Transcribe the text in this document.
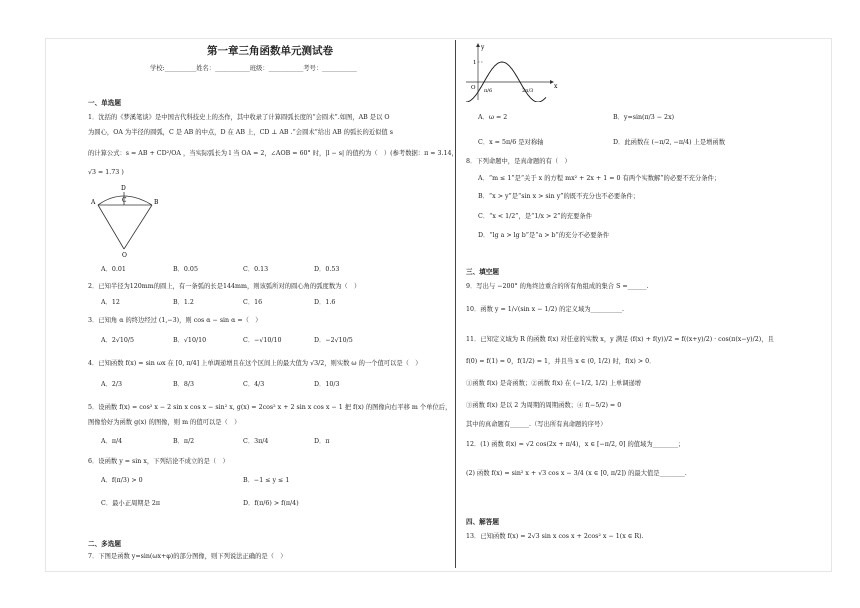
第一章三角函数单元测试卷
学校:__________姓名：___________班级：___________考号：___________
一、单选题
1．沈括的《梦溪笔谈》是中国古代科技史上的杰作，其中收录了计算圆弧长度的“会圆术”.如图，AB 是以 O
为圆心，OA 为半径的圆弧，C 是 AB 的中点，D 在 AB 上，CD ⊥ AB .“会圆术”给出 AB 的弧长的近似值 s
的计算公式：s = AB + CD²/OA ，当实际弧长为 l 当 OA = 2，∠AOB = 60° 时，|l − s| 的值约为（　）(参考数据：π ≈ 3.14，
√3 ≈ 1.73 )
D
A	C	B
O
A．0.01	B．0.05	C．0.13	D．0.53
2．已知半径为120mm的圆上，有一条弧的长是144mm，则该弧所对的圆心角的弧度数为（　）
A．12	B．1.2	C．16	D．1.6
3．已知角 α 的终边经过 (1,−3)，则 cos α − sin α =（　）
A．2√10/5	B．√10/10	C．−√10/10	D．−2√10/5
4．已知函数 f(x) = sin ωx 在 [0, π/4] 上单调递增且在这个区间上的最大值为 √3/2，则实数 ω 的一个值可以是（　）
A．2/3	B．8/3	C．4/3	D．10/3
5．设函数 f(x) = cos² x − 2 sin x cos x − sin² x, g(x) = 2cos² x + 2 sin x cos x − 1 把 f(x) 的图像向右平移 m 个单位后，
图像恰好为函数 g(x) 的图像，则 m 的值可以是（　）
A．π/4	B．π/2	C．3π/4	D．π
6．设函数 y = sin x，下列结论不成立的是（　）
A．f(π/3) > 0	B．−1 ≤ y ≤ 1
C．最小正周期是 2π	D．f(π/6) > f(π/4)
二、多选题
7．下图是函数 y=sin(ωx+φ)的部分图像，则下列说法正确的是（　）
y
x
O
1
π/6	2π/3
A．ω = 2	B．y=sin(π/3 − 2x)
C．x = 5π/6 是对称轴	D．此函数在 (−π/2, −π/4) 上是增函数
8．下列命题中，是真命题的有（　）
A．“m ≤ 1”是“关于 x 的方程 mx² + 2x + 1 = 0 有两个实数解”的必要不充分条件；
B．“x > y”是“sin x > sin y”的既不充分也不必要条件；
C．“x < 1/2”，是“1/x > 2”的充要条件
D．“lg a > lg b”是“a > b”的充分不必要条件
三、填空题
9．写出与 −200° 的角终边重合的所有角组成的集合 S =______.
10．函数 y = 1/√(sin x − 1/2) 的定义域为__________.
11．已知定义域为 R 的函数 f(x) 对任意的实数 x，y 满足 (f(x) + f(y))/2 = f((x+y)/2) · cos(π(x−y)/2)，且
f(0) = f(1) = 0，f(1/2) = 1，并且当 x ∈ (0, 1/2) 时，f(x) > 0．
①函数 f(x) 是奇函数；②函数 f(x) 在 (−1/2, 1/2) 上单调递增
③函数 f(x) 是以 2 为周期的周期函数；④ f(−5/2) = 0
其中的真命题有______.（写出所有真命题的序号）
12．(1) 函数 f(x) = √2 cos(2x + π/4)，x ∈ [−π/2, 0] 的值域为________；
(2) 函数 f(x) = sin² x + √3 cos x − 3/4 (x ∈ [0, π/2]) 的最大值是________.
四、解答题
13．已知函数 f(x) = 2√3 sin x cos x + 2cos² x − 1(x ∈ R).
